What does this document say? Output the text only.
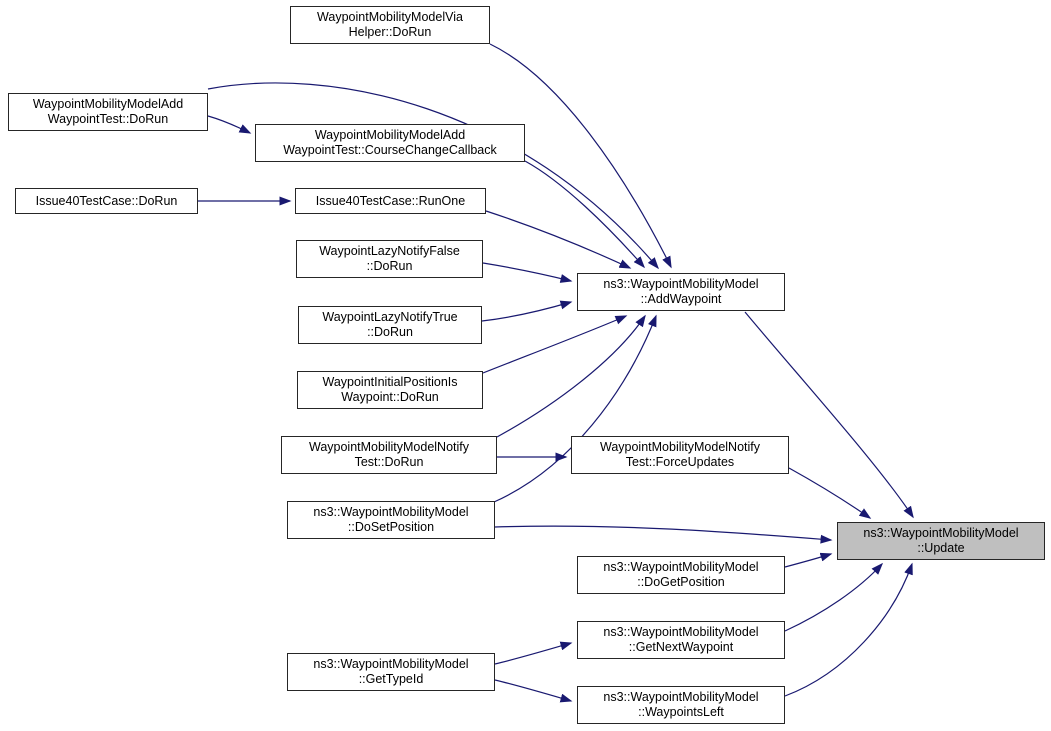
WaypointMobilityModelVia
Helper::DoRun
WaypointMobilityModelAdd
WaypointTest::DoRun
WaypointMobilityModelAdd
WaypointTest::CourseChangeCallback
Issue40TestCase::DoRun	Issue40TestCase::RunOne
WaypointLazyNotifyFalse
::DoRun
WaypointLazyNotifyTrue
::DoRun
WaypointInitialPositionIs
Waypoint::DoRun
ns3::WaypointMobilityModel
::AddWaypoint
WaypointMobilityModelNotify
Test::DoRun
WaypointMobilityModelNotify
Test::ForceUpdates
ns3::WaypointMobilityModel
::DoSetPosition	ns3::WaypointMobilityModel
::Update
ns3::WaypointMobilityModel
::DoGetPosition
ns3::WaypointMobilityModel
::GetNextWaypoint
ns3::WaypointMobilityModel
::GetTypeId
ns3::WaypointMobilityModel
::WaypointsLeft
